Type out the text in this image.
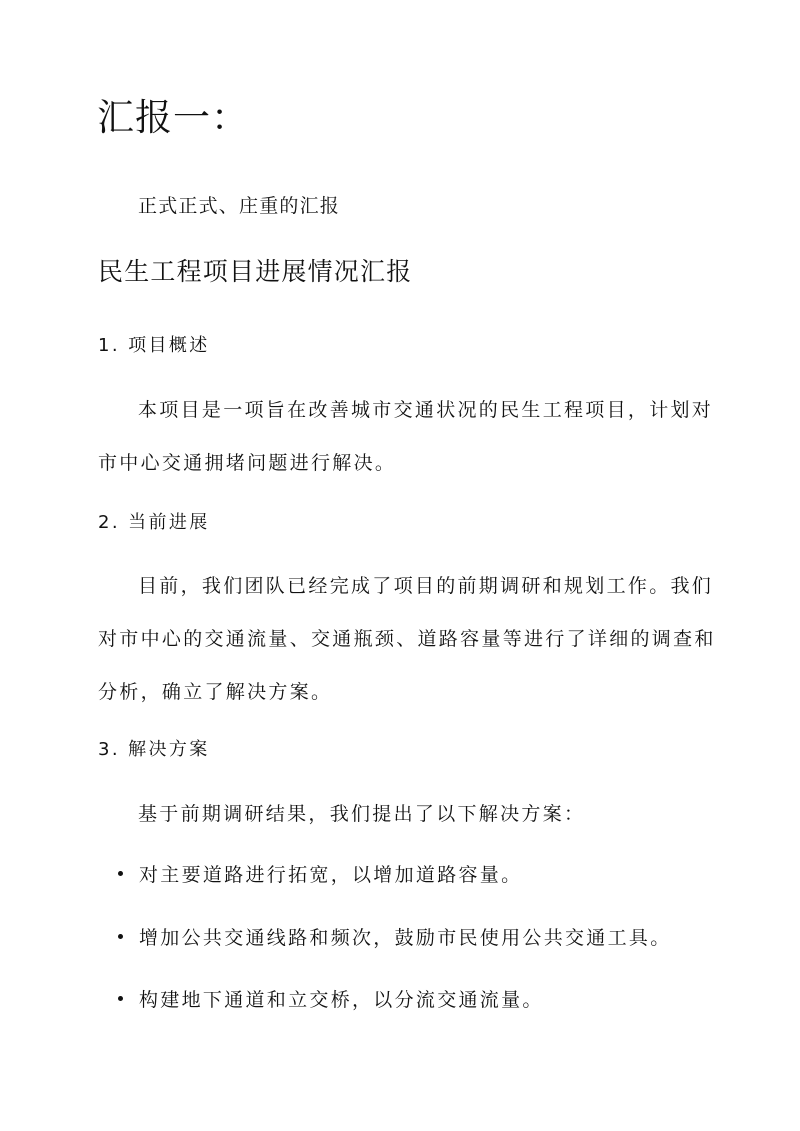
汇报一：
正式正式、庄重的汇报
民生工程项目进展情况汇报
1. 项目概述
本项目是一项旨在改善城市交通状况的民生工程项目，计划对
市中心交通拥堵问题进行解决。
2. 当前进展
目前，我们团队已经完成了项目的前期调研和规划工作。我们
对市中心的交通流量、交通瓶颈、道路容量等进行了详细的调查和
分析，确立了解决方案。
3. 解决方案
基于前期调研结果，我们提出了以下解决方案：
对主要道路进行拓宽，以增加道路容量。
增加公共交通线路和频次，鼓励市民使用公共交通工具。
构建地下通道和立交桥，以分流交通流量。
